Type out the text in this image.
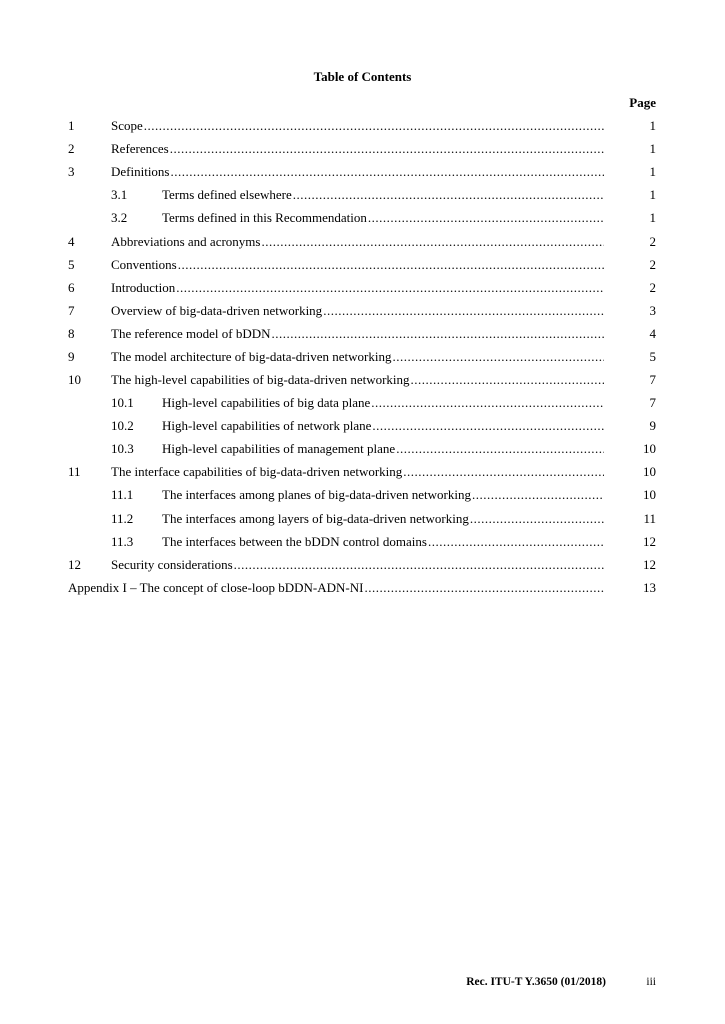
Table of Contents
Page
1	Scope .....	1
2	References .....	1
3	Definitions .....	1
3.1	Terms defined elsewhere .....	1
3.2	Terms defined in this Recommendation .....	1
4	Abbreviations and acronyms .....	2
5	Conventions .....	2
6	Introduction .....	2
7	Overview of big-data-driven networking .....	3
8	The reference model of bDDN .....	4
9	The model architecture of big-data-driven networking .....	5
10 The high-level capabilities of big-data-driven networking .....	7
10.1 High-level capabilities of big data plane .....	7
10.2 High-level capabilities of network plane .....	9
10.3 High-level capabilities of management plane .....	10
11 The interface capabilities of big-data-driven networking .....	10
11.1 The interfaces among planes of big-data-driven networking .....	10
11.2 The interfaces among layers of big-data-driven networking .....	11
11.3 The interfaces between the bDDN control domains .....	12
12 Security considerations .....	12
Appendix I – The concept of close-loop bDDN-ADN-NI .....	13
Rec. ITU-T Y.3650 (01/2018)	iii
